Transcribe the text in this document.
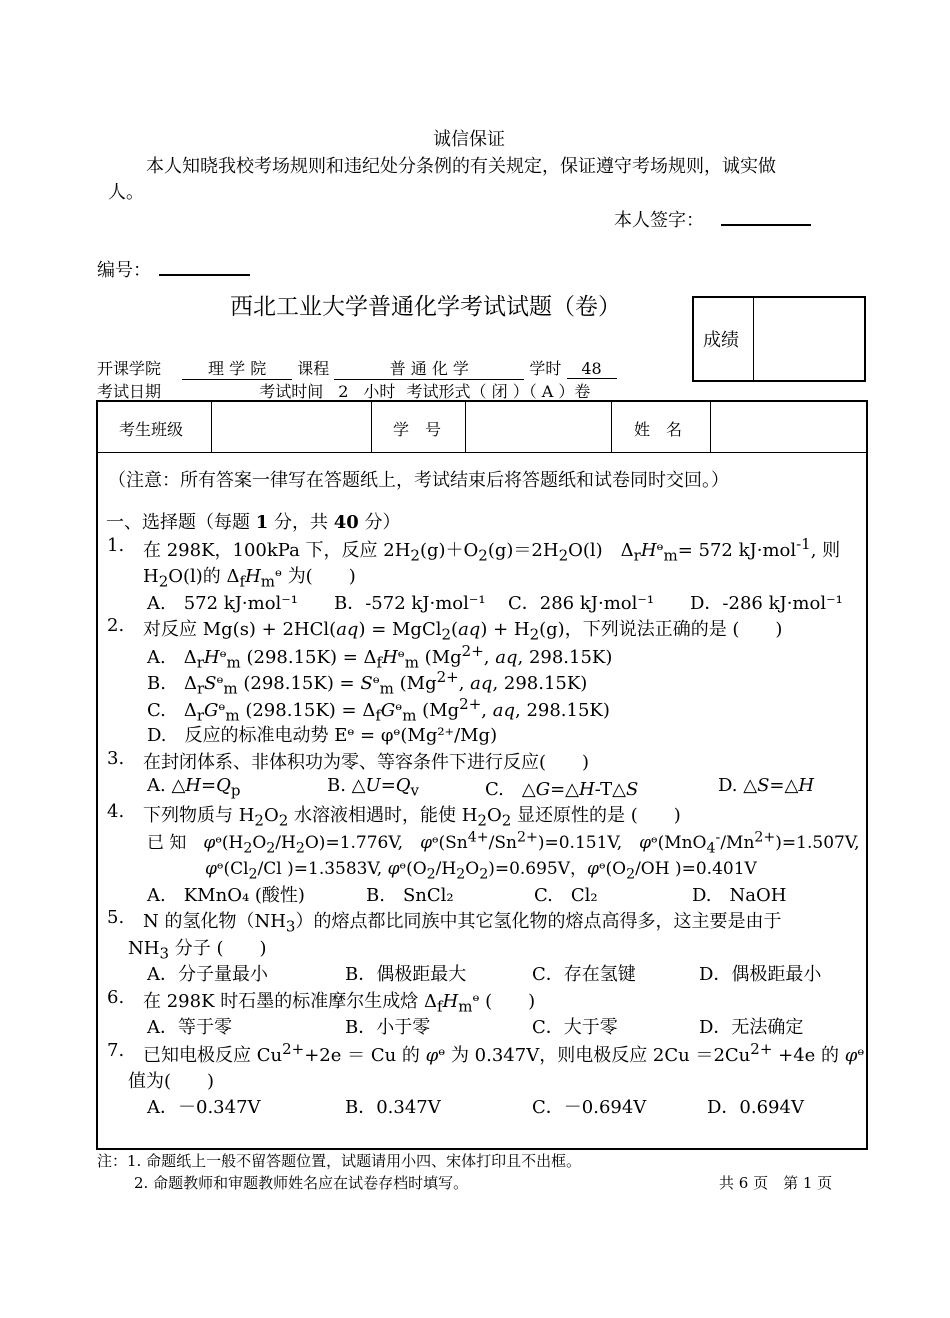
诚信保证
本人知晓我校考场规则和违纪处分条例的有关规定，保证遵守考场规则，诚实做
人。
本人签字：
编号：
西北工业大学普通化学考试试题（卷）
成绩
开课学院	理 学 院 课程	普 通 化 学	学时 48
考试日期	考试时间 2 小时 考试形式（ 闭 ）（ A ）卷
考生班级	学　号	姓　名
（注意：所有答案一律写在答题纸上，考试结束后将答题纸和试卷同时交回。）
一、选择题（每题 1 分，共 40 分）
1. 在 298K，100kPa 下，反应 $2H_2(g)+O_2(g)=2H_2O(l)$　$\Delta_rHᶱ_m= 572$ kJ·mol$^{-1}$, 则
$H_2O(l)$的 $\Delta_fH_mᶱ$ 为(　　)
A.　572 kJ·mol⁻¹ B．-572 kJ·mol⁻¹ C．286 kJ·mol⁻¹ D．-286 kJ·mol⁻¹
2. 对反应 Mg(s) + 2HCl(aq) = MgCl$_2$(aq) + $H_2(g)$，下列说法正确的是 (　　)
A.　$\Delta_rHᶱ_m$ $(298.15K) = \Delta_fHᶱ_m$ ($Mg^{2+}$, aq, 298.15K)
B.　$\Delta_rSᶱ_m$ (298.15K) = Sᶱ$_m$ ($Mg^{2+}$, aq, 298.15K)
C.　$\Delta_rGᶱ_m$ $(298.15K) = \Delta_fGᶱ_m$ ($Mg^{2+}$, aq, 298.15K)
D.　反应的标准电动势 Eᶱ = φᶱ(Mg²⁺/Mg)
3. 在封闭体系、非体积功为零、等容条件下进行反应(　　)
A. $\triangle H=Q_p$	B. $\triangle U=Q_v$	C.　△G=△H-T△S	D. △S=△H
4. 下列物质与 $H_2O_2$ 水溶液相遇时，能使 $H_2O_2$ 显还原性的是 (　　)
已 知　$\varphi ᶱ(H_2O_2/H_2O)=1.776V$,　$\varphi ᶱ(Sn^{4+}/Sn^{2+})=0.151V$,　$\varphi ᶱ(MnO_4^-/Mn^{2+})=1.507V$,
$\varphi ᶱ(Cl_2/Cl$ )=1.3583V, $\varphi ᶱ(O_2/H_2O_2)=0.695V$，$\varphi ᶱ(O_2/OH$ )=0.401V
A.　KMnO₄ (酸性)	B.　SnCl₂	C.　Cl₂	D.　NaOH
5. N 的氢化物$(NH_3)$的熔点都比同族中其它氢化物的熔点高得多，这主要是由于
$NH_3$ 分子 (　　)
A．分子量最小	B．偶极距最大	C．存在氢键	D．偶极距最小
6. 在 298K 时石墨的标准摩尔生成焓 $\Delta_fH_mᶱ$ (　　)
A．等于零	B．小于零	C．大于零	D．无法确定
7. 已知电极反应 $Cu^{2+}+2e = Cu$ 的 φᶱ 为 0.347V，则电极反应 $2Cu =2Cu^{2+} +4e$ 的 φᶱ
值为(　　)
A．－0.347V	B．0.347V	C．－0.694V	D．0.694V
注：1. 命题纸上一般不留答题位置，试题请用小四、宋体打印且不出框。
2. 命题教师和审题教师姓名应在试卷存档时填写。	共 6 页　第 1 页
